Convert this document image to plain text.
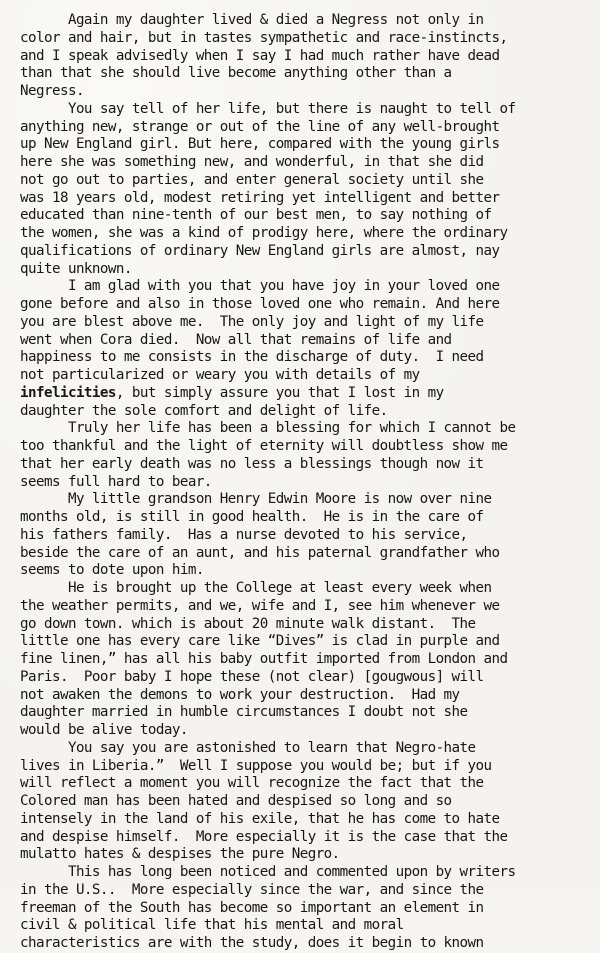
Again my daughter lived & died a Negress not only in
color and hair, but in tastes sympathetic and race-instincts,
and I speak advisedly when I say I had much rather have dead
than that she should live become anything other than a
Negress.
You say tell of her life, but there is naught to tell of
anything new, strange or out of the line of any well-brought
up New England girl. But here, compared with the young girls
here she was something new, and wonderful, in that she did
not go out to parties, and enter general society until she
was 18 years old, modest retiring yet intelligent and better
educated than nine-tenth of our best men, to say nothing of
the women, she was a kind of prodigy here, where the ordinary
qualifications of ordinary New England girls are almost, nay
quite unknown.
I am glad with you that you have joy in your loved one
gone before and also in those loved one who remain. And here
you are blest above me.  The only joy and light of my life
went when Cora died.  Now all that remains of life and
happiness to me consists in the discharge of duty.  I need
not particularized or weary you with details of my
infelicities, but simply assure you that I lost in my
daughter the sole comfort and delight of life.
Truly her life has been a blessing for which I cannot be
too thankful and the light of eternity will doubtless show me
that her early death was no less a blessings though now it
seems full hard to bear.
My little grandson Henry Edwin Moore is now over nine
months old, is still in good health.  He is in the care of
his fathers family.  Has a nurse devoted to his service,
beside the care of an aunt, and his paternal grandfather who
seems to dote upon him.
He is brought up the College at least every week when
the weather permits, and we, wife and I, see him whenever we
go down town. which is about 20 minute walk distant.  The
little one has every care like “Dives” is clad in purple and
fine linen,” has all his baby outfit imported from London and
Paris.  Poor baby I hope these (not clear) [gougwous] will
not awaken the demons to work your destruction.  Had my
daughter married in humble circumstances I doubt not she
would be alive today.
You say you are astonished to learn that Negro-hate
lives in Liberia.”  Well I suppose you would be; but if you
will reflect a moment you will recognize the fact that the
Colored man has been hated and despised so long and so
intensely in the land of his exile, that he has come to hate
and despise himself.  More especially it is the case that the
mulatto hates & despises the pure Negro.
This has long been noticed and commented upon by writers
in the U.S..  More especially since the war, and since the
freeman of the South has become so important an element in
civil & political life that his mental and moral
characteristics are with the study, does it begin to known
